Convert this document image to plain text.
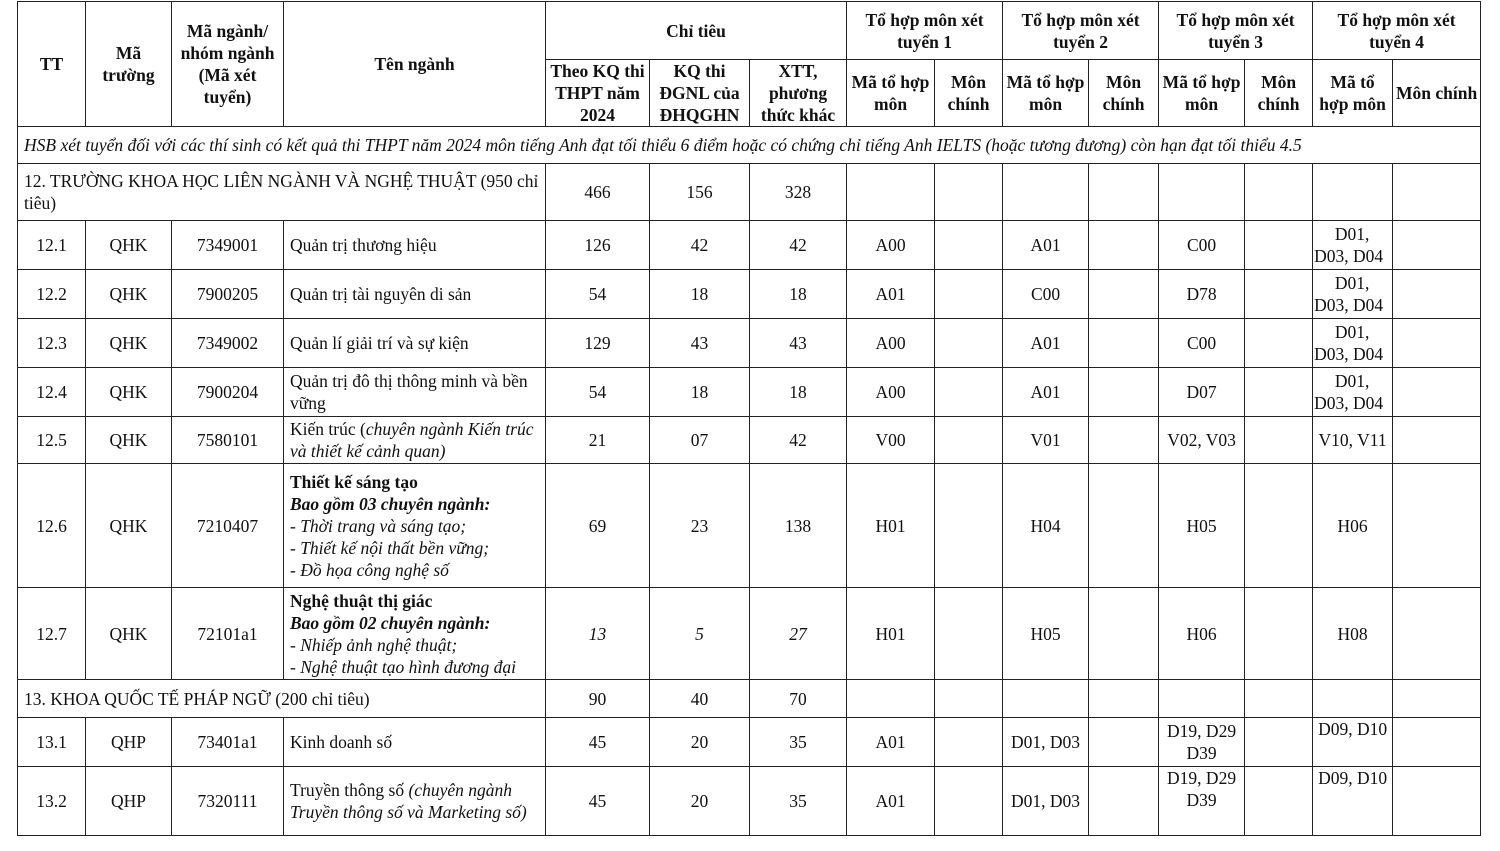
TT	Mã trường	Mã ngành/ nhóm ngành (Mã xét tuyển)	Tên ngành	Chỉ tiêu			Tổ hợp môn xét tuyển 1		Tổ hợp môn xét tuyển 2		Tổ hợp môn xét tuyển 3		Tổ hợp môn xét tuyển 4	
				Theo KQ thi THPT năm 2024	KQ thi ĐGNL của ĐHQGHN	XTT, phương thức khác	Mã tổ hợp môn	Môn chính	Mã tổ hợp môn	Môn chính	Mã tổ hợp môn	Môn chính	Mã tổ hợp môn	Môn chính
HSB xét tuyển đối với các thí sinh có kết quả thi THPT năm 2024 môn tiếng Anh đạt tối thiểu 6 điểm hoặc có chứng chỉ tiếng Anh IELTS (hoặc tương đương) còn hạn đạt tối thiểu 4.5														
12. TRƯỜNG KHOA HỌC LIÊN NGÀNH VÀ NGHỆ THUẬT (950 chỉ tiêu)				466	156	328								
12.1	QHK	7349001	Quản trị thương hiệu	126	42	42	A00		A01		C00		D01,
D03, D04	

12.2	QHK	7900205	Quản trị tài nguyên di sản	54	18	18	A01		C00		D78		D01,
D03, D04	

12.3	QHK	7349002	Quản lí giải trí và sự kiện	129	43	43	A00		A01		C00		D01,
D03, D04	

12.4	QHK	7900204	Quản trị đô thị thông minh và bền vững	54	18	18	A00		A01		D07		D01,
D03, D04	

12.5	QHK	7580101	Kiến trúc (chuyên ngành Kiến trúc và thiết kế cảnh quan)	21	07	42	V00		V01		V02, V03		V10, V11	
12.6	QHK	7210407	Thiết kế sáng tạo
Bao gồm 03 chuyên ngành:
- Thời trang và sáng tạo;
- Thiết kế nội thất bền vững;
- Đồ họa công nghệ số	69	23	138	H01		H04		H05		H06	
12.7	QHK	72101a1	Nghệ thuật thị giác
Bao gồm 02 chuyên ngành:
- Nhiếp ảnh nghệ thuật;
- Nghệ thuật tạo hình đương đại	13	5	27	H01		H05		H06		H08	
13. KHOA QUỐC TẾ PHÁP NGỮ (200 chỉ tiêu)				90	40	70								
13.1	QHP	73401a1	Kinh doanh số	45	20	35	A01		D01, D03		D19, D29
D39		D09, D10	
13.2	QHP	7320111	Truyền thông số (chuyên ngành Truyền thông số và Marketing số)	45	20	35	A01		D01, D03		D19, D29
D39		D09, D10	
